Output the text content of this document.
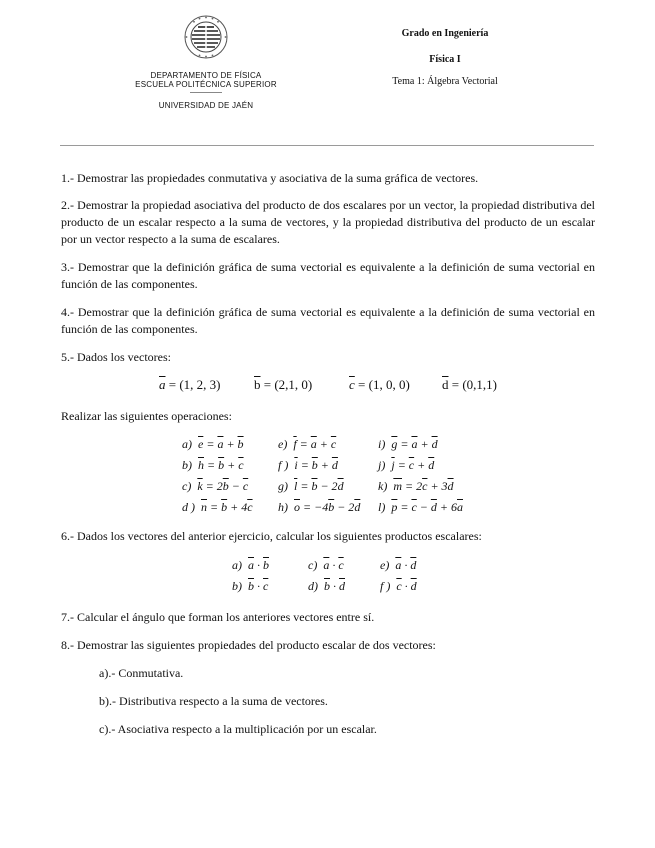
DEPARTAMENTO DE FÍSICA
ESCUELA POLITÉCNICA SUPERIOR
UNIVERSIDAD DE JAÉN
Grado en Ingeniería
Física I
Tema 1: Álgebra Vectorial

1.- Demostrar las propiedades conmutativa y asociativa de la suma gráfica de vectores.

2.- Demostrar la propiedad asociativa del producto de dos escalares por un vector, la propiedad distributiva del producto de un escalar respecto a la suma de vectores, y la propiedad distributiva del producto de un escalar por un vector respecto a la suma de escalares.

3.- Demostrar que la definición gráfica de suma vectorial es equivalente a la definición de suma vectorial en función de las componentes.

4.- Demostrar que la definición gráfica de suma vectorial es equivalente a la definición de suma vectorial en función de las componentes.

5.- Dados los vectores:

$\overline{a} = (1$, 2, 3)	$\overline{b} = (2,1$, 0)	$\overline{c} = (1$, 0, 0) $\overline{d} = (0,1,1)$

Realizar las siguientes operaciones:

a)  $\overline{e} = \overline{a} + \overline{b}$	e)  $\overline{f} = \overline{a} + \overline{c}$	i)  $\overline{g} = \overline{a} + \overline{d}$
b)  $\overline{h} = \overline{b} + \overline{c}$	f )  $\overline{i} = \overline{b} + \overline{d}$	j)  $\overline{j} = \overline{c} + \overline{d}$
c)  $\overline{k} = 2\overline{b} - \overline{c}$	g)  $\overline{l} = \overline{b} - 2\overline{d}$	k)  $\overline{m} = 2\overline{c} + 3\overline{d}$
d )  $\overline{n} = \overline{b} + 4\overline{c}$	h)  $\overline{o} = -4\overline{b} - 2\overline{d}$	l)  $\overline{p} = \overline{c} - \overline{d} + 6\overline{a}$

6.- Dados los vectores del anterior ejercicio, calcular los siguientes productos escalares:

a)  $\overline{a} \cdot \overline{b}$	c)  $\overline{a} \cdot \overline{c}$	e)  $\overline{a} \cdot \overline{d}$
b)  $\overline{b} \cdot \overline{c}$	d)  $\overline{b} \cdot \overline{d}$	f )  $\overline{c} \cdot \overline{d}$

7.- Calcular el ángulo que forman los anteriores vectores entre sí.

8.- Demostrar las siguientes propiedades del producto escalar de dos vectores:

a).- Conmutativa.

b).- Distributiva respecto a la suma de vectores.

c).- Asociativa respecto a la multiplicación por un escalar.
